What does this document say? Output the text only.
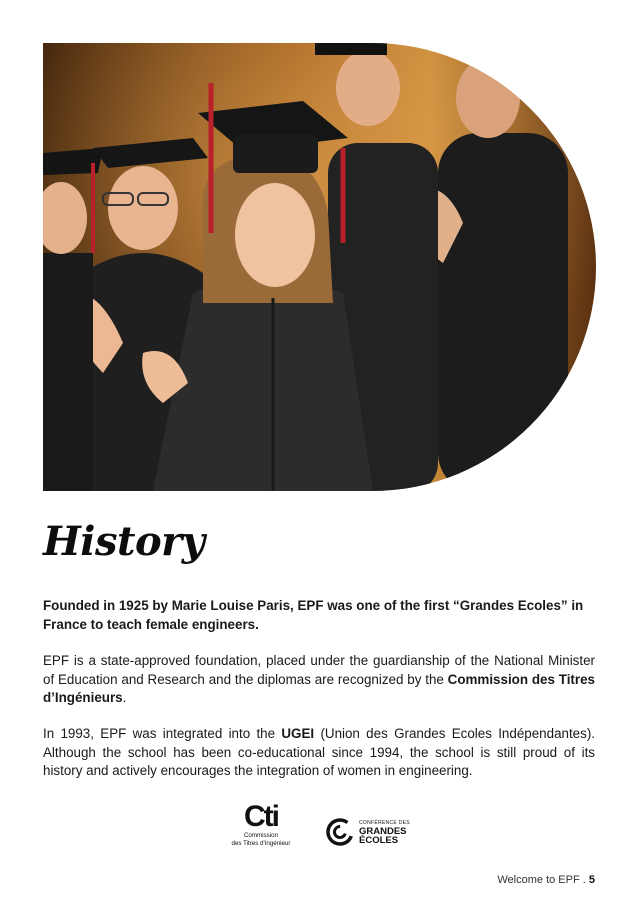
History

Founded in 1925 by Marie Louise Paris, EPF was one of the first “Grandes Ecoles” in France to teach female engineers.

EPF is a state-approved foundation, placed under the guardianship of the National Minister of Education and Research and the diplomas are recognized by the Commission des Titres d’Ingénieurs.

In 1993, EPF was integrated into the UGEI (Union des Grandes Ecoles Indépendantes). Although the school has been co-educational since 1994, the school is still proud of its history and actively encourages the integration of women in engineering.

Cti
Commission
des Titres d'Ingénieur
CONFÉRENCE DES
GRANDES
ÉCOLES
Welcome to EPF . 5
